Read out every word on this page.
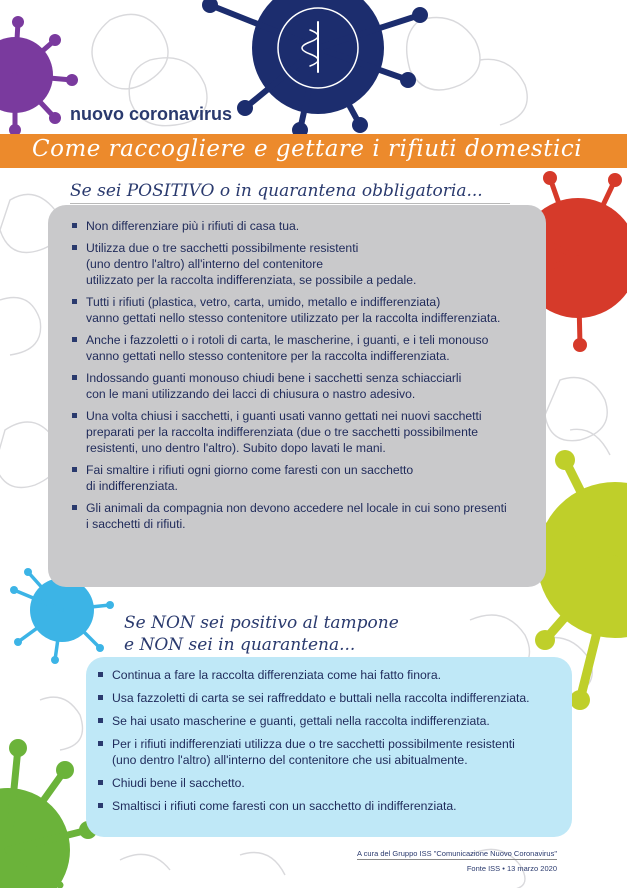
nuovo coronavirus
Come raccogliere e gettare i rifiuti domestici
Se sei POSITIVO o in quarantena obbligatoria...
Non differenziare più i rifiuti di casa tua.
Utilizza due o tre sacchetti possibilmente resistenti
(uno dentro l'altro) all'interno del contenitore
utilizzato per la raccolta indifferenziata, se possibile a pedale.
Tutti i rifiuti (plastica, vetro, carta, umido, metallo e indifferenziata)
vanno gettati nello stesso contenitore utilizzato per la raccolta indifferenziata.
Anche i fazzoletti o i rotoli di carta, le mascherine, i guanti, e i teli monouso
vanno gettati nello stesso contenitore per la raccolta indifferenziata.
Indossando guanti monouso chiudi bene i sacchetti senza schiacciarli
con le mani utilizzando dei lacci di chiusura o nastro adesivo.
Una volta chiusi i sacchetti, i guanti usati vanno gettati nei nuovi sacchetti
preparati per la raccolta indifferenziata (due o tre sacchetti possibilmente
resistenti, uno dentro l'altro). Subito dopo lavati le mani.
Fai smaltire i rifiuti ogni giorno come faresti con un sacchetto
di indifferenziata.
Gli animali da compagnia non devono accedere nel locale in cui sono presenti
i sacchetti di rifiuti.
Se NON sei positivo al tampone
e NON sei in quarantena...
Continua a fare la raccolta differenziata come hai fatto finora.
Usa fazzoletti di carta se sei raffreddato e buttali nella raccolta indifferenziata.
Se hai usato mascherine e guanti, gettali nella raccolta indifferenziata.
Per i rifiuti indifferenziati utilizza due o tre sacchetti possibilmente resistenti
(uno dentro l'altro) all'interno del contenitore che usi abitualmente.
Chiudi bene il sacchetto.
Smaltisci i rifiuti come faresti con un sacchetto di indifferenziata.
A cura del Gruppo ISS "Comunicazione Nuovo Coronavirus"
Fonte ISS • 13 marzo 2020
